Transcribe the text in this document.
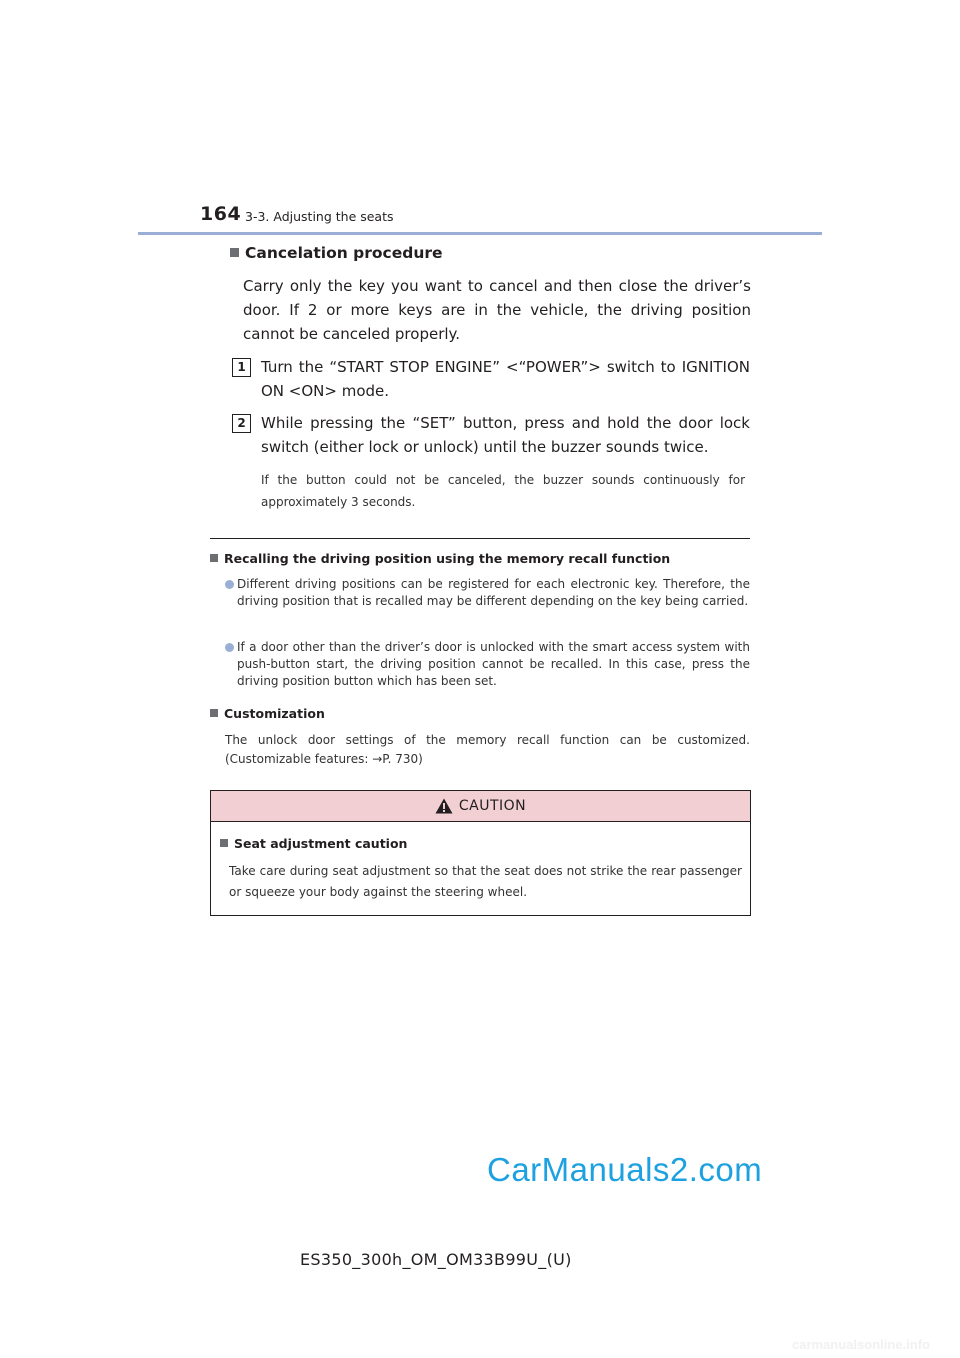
164 3-3. Adjusting the seats
Cancelation procedure
Carry only the key you want to cancel and then close the driver’s door. If 2 or more keys are in the vehicle, the driving position cannot be canceled properly.
1	Turn the “START STOP ENGINE” <“POWER”> switch to IGNITION ON <ON> mode.
2	While pressing the “SET” button, press and hold the door lock switch (either lock or unlock) until the buzzer sounds twice.
If the button could not be canceled, the buzzer sounds continuously for approximately 3 seconds.
Recalling the driving position using the memory recall function
Different driving positions can be registered for each electronic key. Therefore, the driving position that is recalled may be different depending on the key being carried.
If a door other than the driver’s door is unlocked with the smart access system with push-button start, the driving position cannot be recalled. In this case, press the driving position button which has been set.
Customization
The unlock door settings of the memory recall function can be customized. (Customizable features: →P. 730)
CAUTION
Seat adjustment caution
Take care during seat adjustment so that the seat does not strike the rear passenger or squeeze your body against the steering wheel.
CarManuals2.com
ES350_300h_OM_OM33B99U_(U)
carmanualsonline.info
